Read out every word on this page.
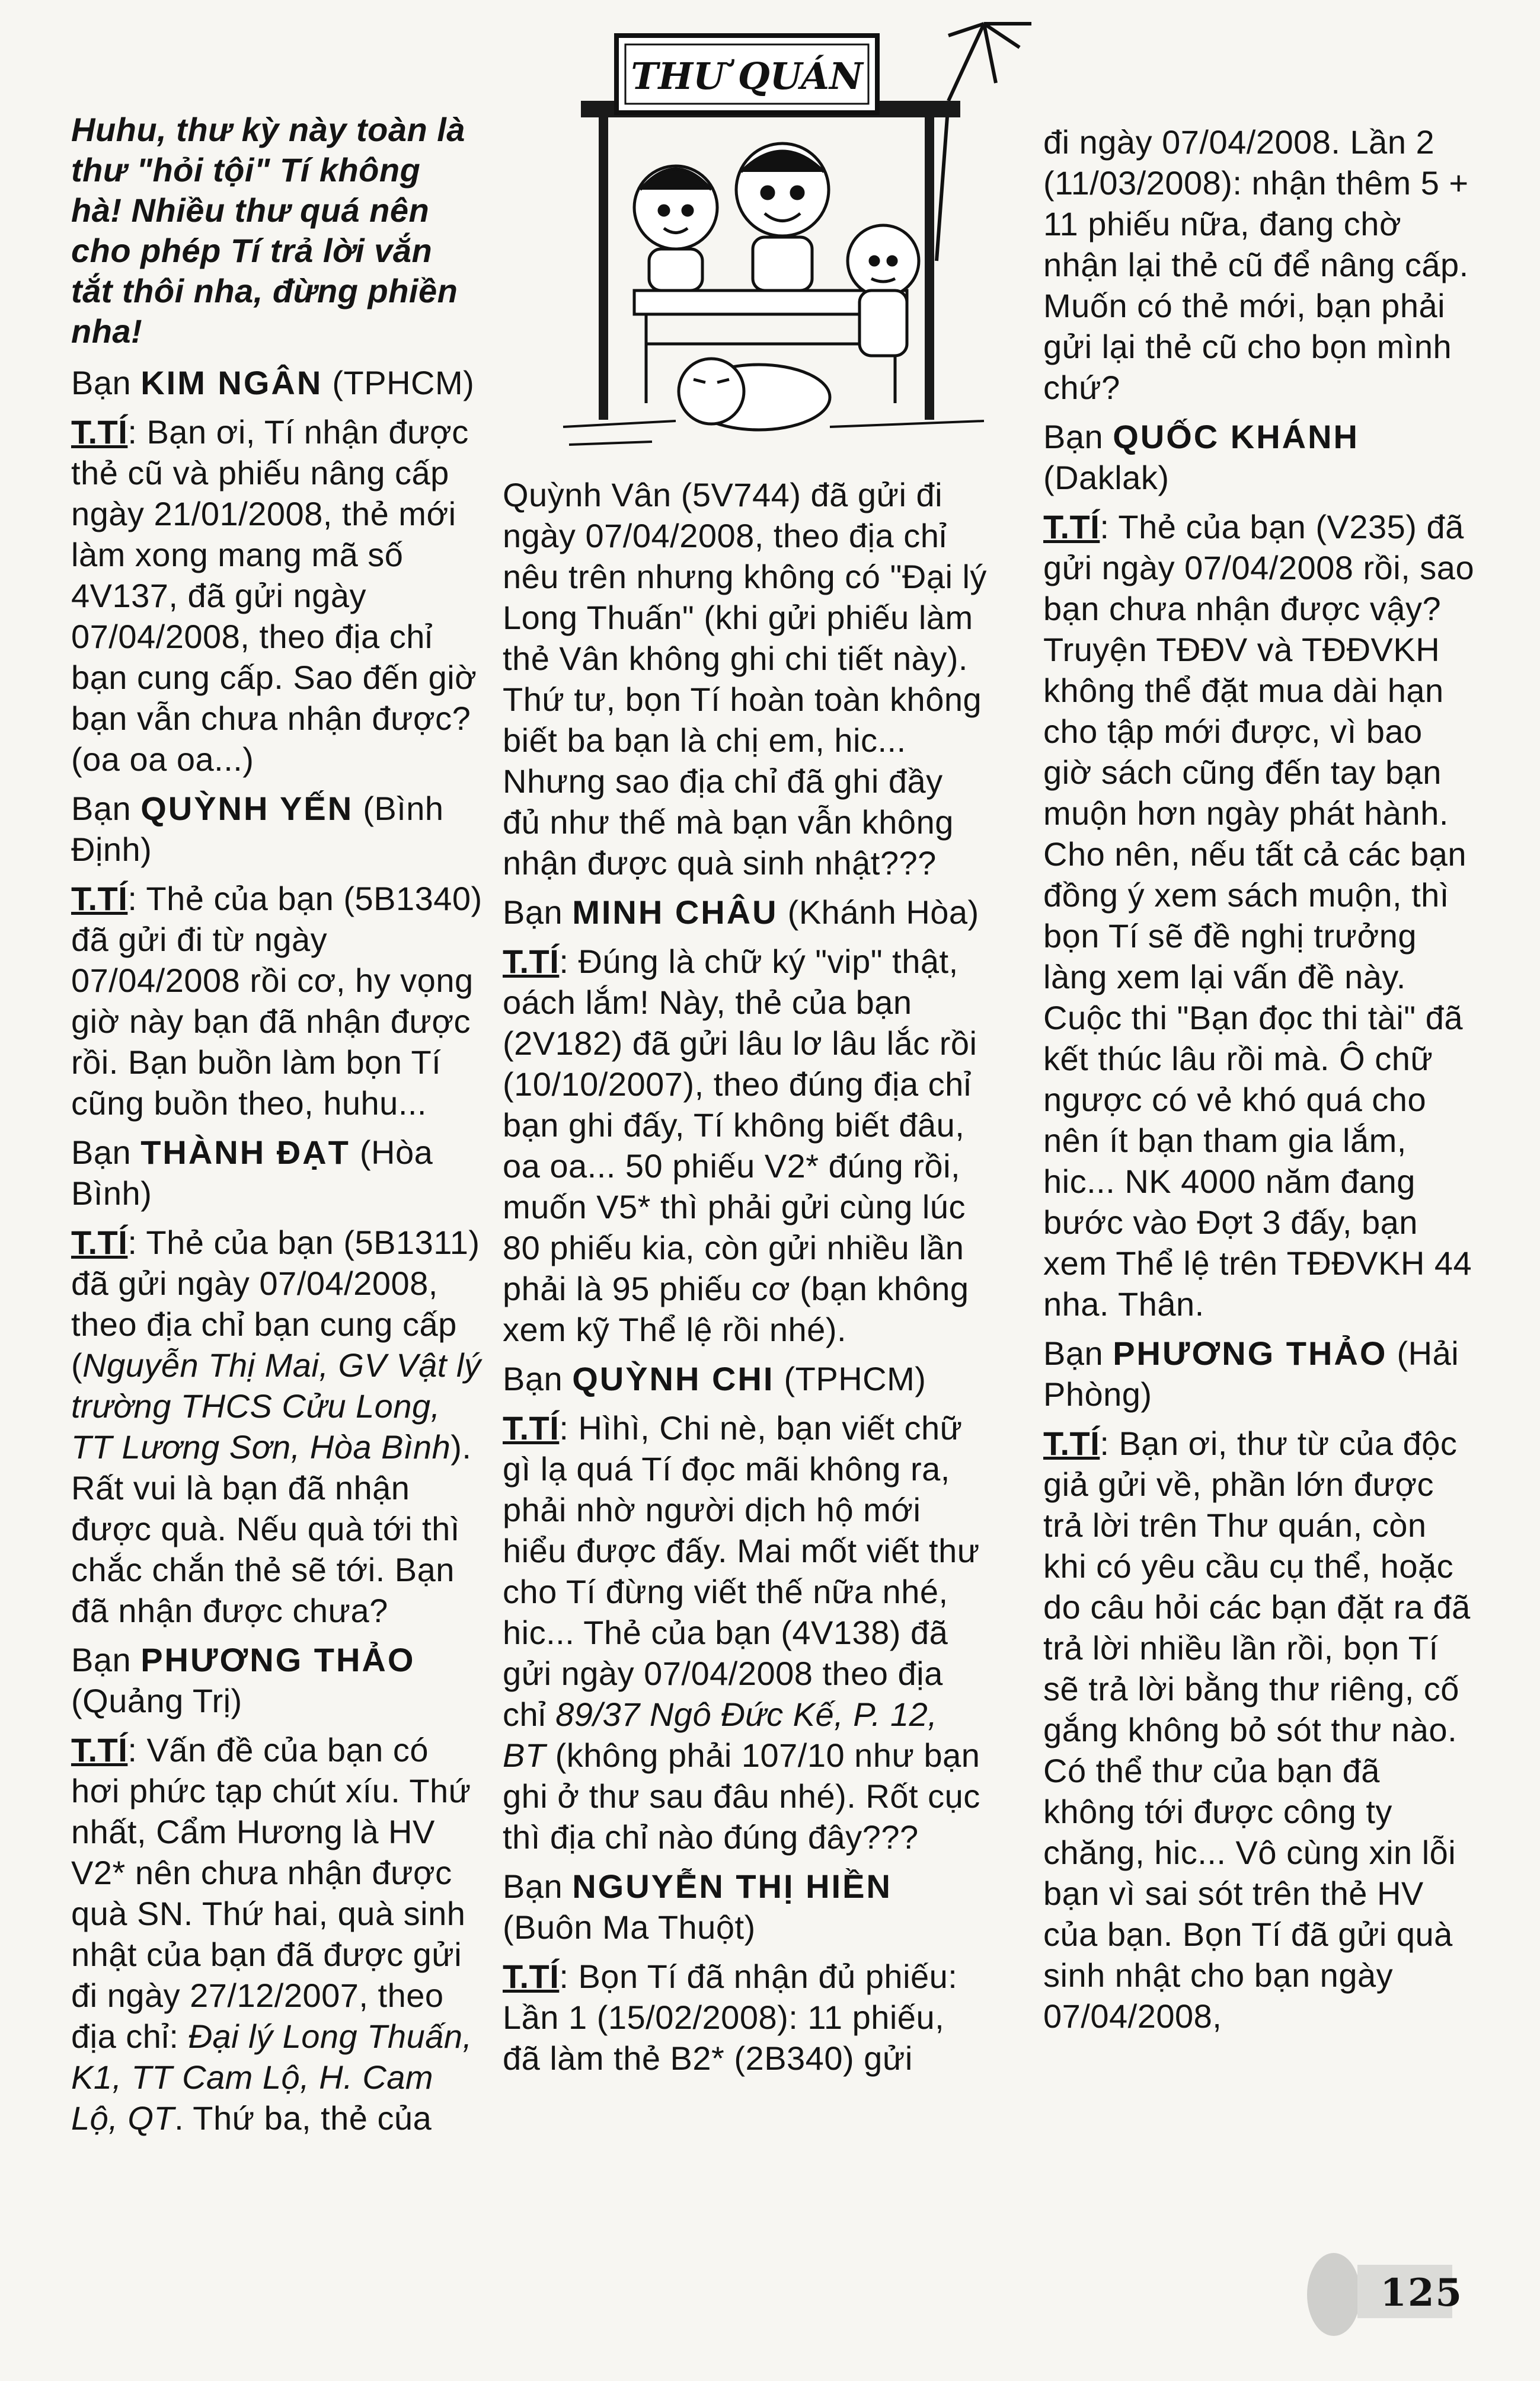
THƯ QUÁN

Huhu, thư kỳ này toàn là thư "hỏi tội" Tí không hà! Nhiều thư quá nên cho phép Tí trả lời vắn tắt thôi nha, đừng phiền nha!

Bạn KIM NGÂN (TPHCM)

T.TÍ: Bạn ơi, Tí nhận được thẻ cũ và phiếu nâng cấp ngày 21/01/2008, thẻ mới làm xong mang mã số 4V137, đã gửi ngày 07/04/2008, theo địa chỉ bạn cung cấp. Sao đến giờ bạn vẫn chưa nhận được? (oa oa oa...)

Bạn QUỲNH YẾN (Bình Định)

T.TÍ: Thẻ của bạn (5B1340) đã gửi đi từ ngày 07/04/2008 rồi cơ, hy vọng giờ này bạn đã nhận được rồi. Bạn buồn làm bọn Tí cũng buồn theo, huhu...

Bạn THÀNH ĐẠT (Hòa Bình)

T.TÍ: Thẻ của bạn (5B1311) đã gửi ngày 07/04/2008, theo địa chỉ bạn cung cấp (Nguyễn Thị Mai, GV Vật lý trường THCS Cửu Long, TT Lương Sơn, Hòa Bình). Rất vui là bạn đã nhận được quà. Nếu quà tới thì chắc chắn thẻ sẽ tới. Bạn đã nhận được chưa?

Bạn PHƯƠNG THẢO (Quảng Trị)

T.TÍ: Vấn đề của bạn có hơi phức tạp chút xíu. Thứ nhất, Cẩm Hương là HV V2* nên chưa nhận được quà SN. Thứ hai, quà sinh nhật của bạn đã được gửi đi ngày 27/12/2007, theo địa chỉ: Đại lý Long Thuấn, K1, TT Cam Lộ, H. Cam Lộ, QT. Thứ ba, thẻ của

Quỳnh Vân (5V744) đã gửi đi ngày 07/04/2008, theo địa chỉ nêu trên nhưng không có "Đại lý Long Thuấn" (khi gửi phiếu làm thẻ Vân không ghi chi tiết này). Thứ tư, bọn Tí hoàn toàn không biết ba bạn là chị em, hic... Nhưng sao địa chỉ đã ghi đầy đủ như thế mà bạn vẫn không nhận được quà sinh nhật???

Bạn MINH CHÂU (Khánh Hòa)

T.TÍ: Đúng là chữ ký "vip" thật, oách lắm! Này, thẻ của bạn (2V182) đã gửi lâu lơ lâu lắc rồi (10/10/2007), theo đúng địa chỉ bạn ghi đấy, Tí không biết đâu, oa oa... 50 phiếu V2* đúng rồi, muốn V5* thì phải gửi cùng lúc 80 phiếu kia, còn gửi nhiều lần phải là 95 phiếu cơ (bạn không xem kỹ Thể lệ rồi nhé).

Bạn QUỲNH CHI (TPHCM)

T.TÍ: Hìhì, Chi nè, bạn viết chữ gì lạ quá Tí đọc mãi không ra, phải nhờ người dịch hộ mới hiểu được đấy. Mai mốt viết thư cho Tí đừng viết thế nữa nhé, hic... Thẻ của bạn (4V138) đã gửi ngày 07/04/2008 theo địa chỉ 89/37 Ngô Đức Kế, P. 12, BT (không phải 107/10 như bạn ghi ở thư sau đâu nhé). Rốt cục thì địa chỉ nào đúng đây???

Bạn NGUYỄN THỊ HIỀN (Buôn Ma Thuột)

T.TÍ: Bọn Tí đã nhận đủ phiếu: Lần 1 (15/02/2008): 11 phiếu, đã làm thẻ B2* (2B340) gửi

đi ngày 07/04/2008. Lần 2 (11/03/2008): nhận thêm 5 + 11 phiếu nữa, đang chờ nhận lại thẻ cũ để nâng cấp. Muốn có thẻ mới, bạn phải gửi lại thẻ cũ cho bọn mình chứ?

Bạn QUỐC KHÁNH (Daklak)

T.TÍ: Thẻ của bạn (V235) đã gửi ngày 07/04/2008 rồi, sao bạn chưa nhận được vậy? Truyện TĐĐV và TĐĐVKH không thể đặt mua dài hạn cho tập mới được, vì bao giờ sách cũng đến tay bạn muộn hơn ngày phát hành. Cho nên, nếu tất cả các bạn đồng ý xem sách muộn, thì bọn Tí sẽ đề nghị trưởng làng xem lại vấn đề này. Cuộc thi "Bạn đọc thi tài" đã kết thúc lâu rồi mà. Ô chữ ngược có vẻ khó quá cho nên ít bạn tham gia lắm, hic... NK 4000 năm đang bước vào Đợt 3 đấy, bạn xem Thể lệ trên TĐĐVKH 44 nha. Thân.

Bạn PHƯƠNG THẢO (Hải Phòng)

T.TÍ: Bạn ơi, thư từ của độc giả gửi về, phần lớn được trả lời trên Thư quán, còn khi có yêu cầu cụ thể, hoặc do câu hỏi các bạn đặt ra đã trả lời nhiều lần rồi, bọn Tí sẽ trả lời bằng thư riêng, cố gắng không bỏ sót thư nào. Có thể thư của bạn đã không tới được công ty chăng, hic... Vô cùng xin lỗi bạn vì sai sót trên thẻ HV của bạn. Bọn Tí đã gửi quà sinh nhật cho bạn ngày 07/04/2008,

125
